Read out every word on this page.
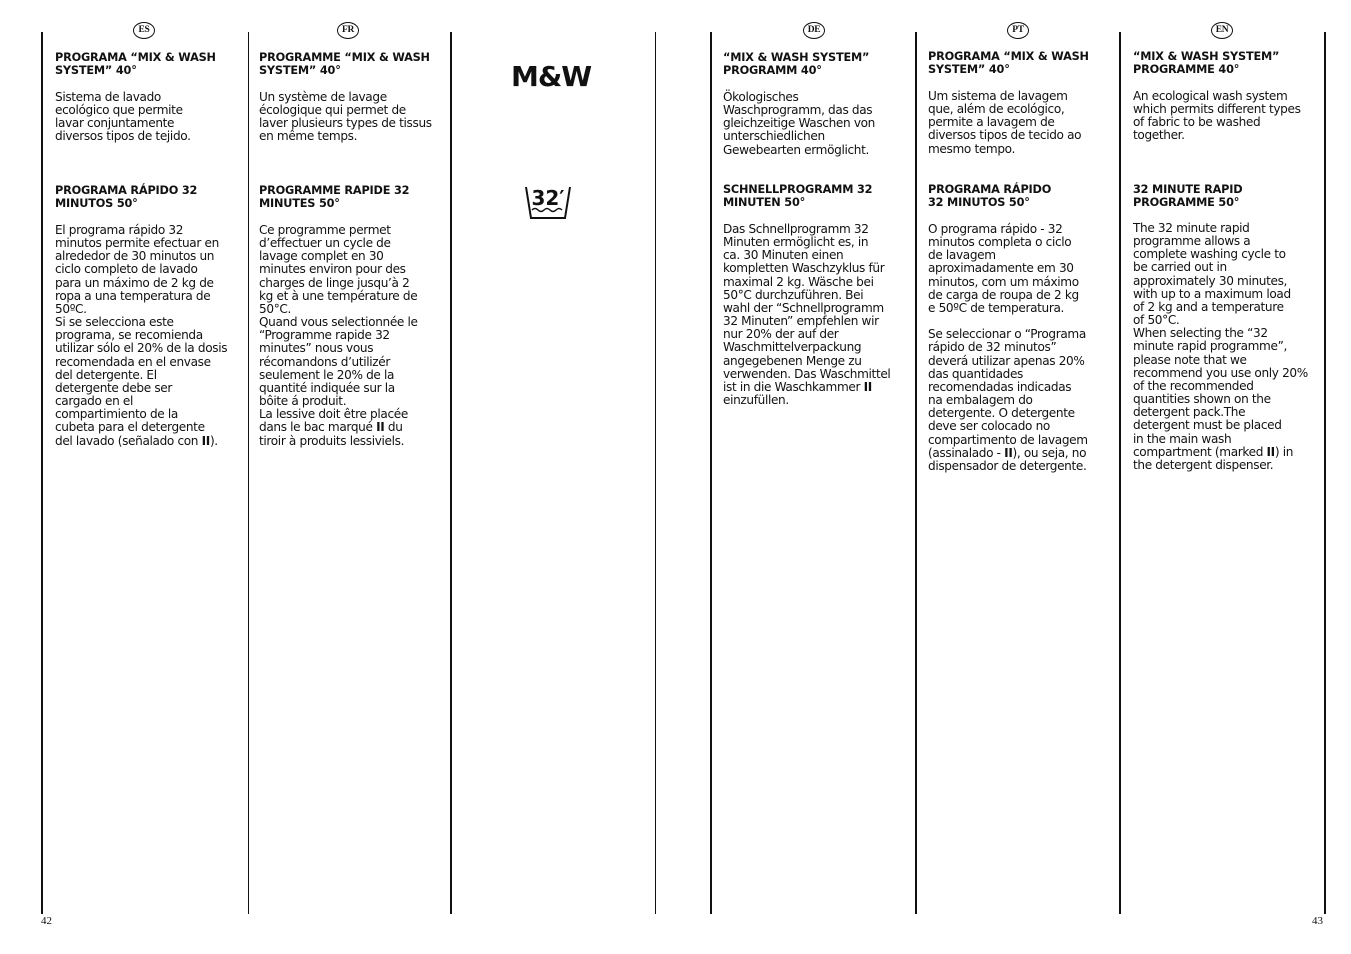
ES	FR	DE	PT	EN
PROGRAMA “MIX & WASH
SYSTEM” 40°

Sistema de lavado
ecológico que permite
lavar conjuntamente
diversos tipos de tejido.

PROGRAMA RÁPIDO 32
MINUTOS 50°

El programa rápido 32
minutos permite efectuar en
alrededor de 30 minutos un
ciclo completo de lavado
para un máximo de 2 kg de
ropa a una temperatura de
50ºC.
Si se selecciona este
programa, se recomienda
utilizar sólo el 20% de la dosis
recomendada en el envase
del detergente. El
detergente debe ser
cargado en el
compartimiento de la
cubeta para el detergente
del lavado (señalado con II).

PROGRAMME “MIX & WASH
SYSTEM” 40°

Un système de lavage
écologique qui permet de
laver plusieurs types de tissus
en même temps.

PROGRAMME RAPIDE 32
MINUTES 50°

Ce programme permet
d’effectuer un cycle de
lavage complet en 30
minutes environ pour des
charges de linge jusqu’à 2
kg et à une température de
50°C.
Quand vous selectionnée le
“Programme rapide 32
minutes” nous vous
récomandons d’utilizér
seulement le 20% de la
quantité indiquée sur la
bôite á produit.
La lessive doit être placée
dans le bac marqué II du
tiroir à produits lessiviels.

M&W
32′
“MIX & WASH SYSTEM”
PROGRAMM 40°

Ökologisches
Waschprogramm, das das
gleichzeitige Waschen von
unterschiedlichen
Gewebearten ermöglicht.

SCHNELLPROGRAMM 32
MINUTEN 50°

Das Schnellprogramm 32
Minuten ermöglicht es, in
ca. 30 Minuten einen
kompletten Waschzyklus für
maximal 2 kg. Wäsche bei
50°C durchzuführen. Bei
wahl der “Schnellprogramm
32 Minuten” empfehlen wir
nur 20% der auf der
Waschmittelverpackung
angegebenen Menge zu
verwenden. Das Waschmittel
ist in die Waschkammer II
einzufüllen.

PROGRAMA “MIX & WASH
SYSTEM” 40°

Um sistema de lavagem
que, além de ecológico,
permite a lavagem de
diversos tipos de tecido ao
mesmo tempo.

PROGRAMA RÁPIDO
32 MINUTOS 50°

O programa rápido - 32
minutos completa o ciclo
de lavagem
aproximadamente em 30
minutos, com um máximo
de carga de roupa de 2 kg
e 50ºC de temperatura.

Se seleccionar o “Programa
rápido de 32 minutos”
deverá utilizar apenas 20%
das quantidades
recomendadas indicadas
na embalagem do
detergente. O detergente
deve ser colocado no
compartimento de lavagem
(assinalado - II), ou seja, no
dispensador de detergente.

“MIX & WASH SYSTEM”
PROGRAMME 40°

An ecological wash system
which permits different types
of fabric to be washed
together.

32 MINUTE RAPID
PROGRAMME 50°

The 32 minute rapid
programme allows a
complete washing cycle to
be carried out in
approximately 30 minutes,
with up to a maximum load
of 2 kg and a temperature
of 50°C.
When selecting the “32
minute rapid programme”,
please note that we
recommend you use only 20%
of the recommended
quantities shown on the
detergent pack.The
detergent must be placed
in the main wash
compartment (marked II) in
the detergent dispenser.

42	43
